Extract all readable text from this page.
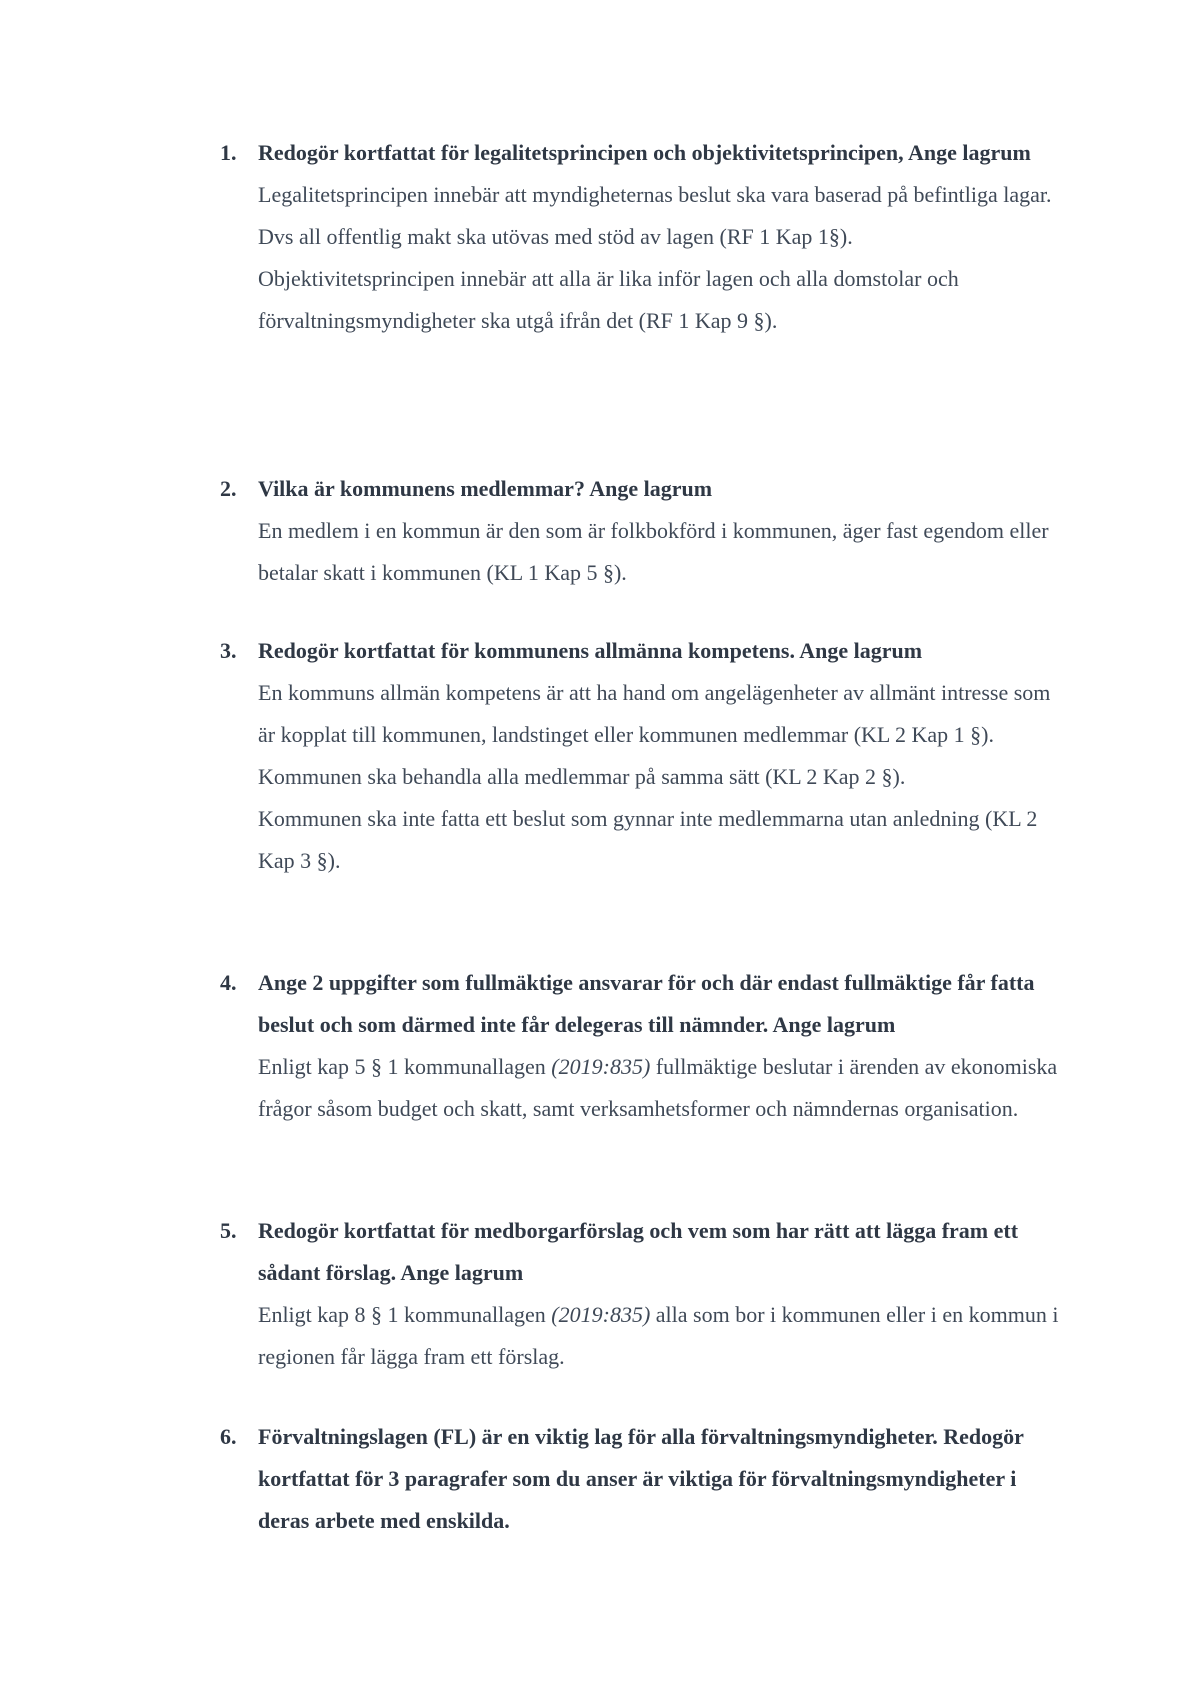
1. Redogör kortfattat för legalitetsprincipen och objektivitetsprincipen, Ange lagrum

Legalitetsprincipen innebär att myndigheternas beslut ska vara baserad på befintliga lagar. Dvs all offentlig makt ska utövas med stöd av lagen (RF 1 Kap 1§).

Objektivitetsprincipen innebär att alla är lika inför lagen och alla domstolar och förvaltningsmyndigheter ska utgå ifrån det (RF 1 Kap 9 §).

2. Vilka är kommunens medlemmar? Ange lagrum

En medlem i en kommun är den som är folkbokförd i kommunen, äger fast egendom eller betalar skatt i kommunen (KL 1 Kap 5 §).

3. Redogör kortfattat för kommunens allmänna kompetens. Ange lagrum

En kommuns allmän kompetens är att ha hand om angelägenheter av allmänt intresse som är kopplat till kommunen, landstinget eller kommunen medlemmar (KL 2 Kap 1 §).

Kommunen ska behandla alla medlemmar på samma sätt (KL 2 Kap 2 §).

Kommunen ska inte fatta ett beslut som gynnar inte medlemmarna utan anledning (KL 2 Kap 3 §).

4. Ange 2 uppgifter som fullmäktige ansvarar för och där endast fullmäktige får fatta beslut och som därmed inte får delegeras till nämnder. Ange lagrum

Enligt kap 5 § 1 kommunallagen (2019:835) fullmäktige beslutar i ärenden av ekonomiska frågor såsom budget och skatt, samt verksamhetsformer och nämndernas organisation.

5. Redogör kortfattat för medborgarförslag och vem som har rätt att lägga fram ett sådant förslag. Ange lagrum

Enligt kap 8 § 1 kommunallagen (2019:835) alla som bor i kommunen eller i en kommun i regionen får lägga fram ett förslag.

6. Förvaltningslagen (FL) är en viktig lag för alla förvaltningsmyndigheter. Redogör kortfattat för 3 paragrafer som du anser är viktiga för förvaltningsmyndigheter i deras arbete med enskilda.
